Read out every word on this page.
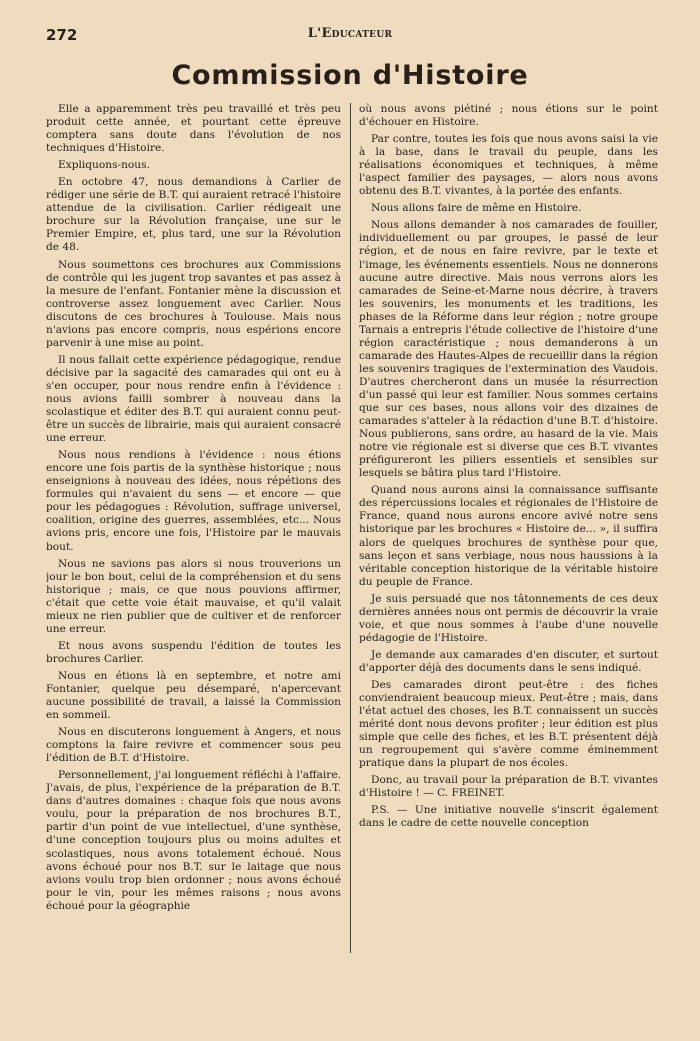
272	L'Educateur
Commission d'Histoire

Elle a apparemment très peu travaillé et très peu produit cette année, et pourtant cette épreuve comptera sans doute dans l'évolution de nos techniques d'Histoire.

Expliquons-nous.

En octobre 47, nous demandions à Carlier de rédiger une série de B.T. qui auraient retracé l'histoire attendue de la civilisation. Carlier rédigeait une brochure sur la Révolution française, une sur le Premier Empire, et, plus tard, une sur la Révolution de 48.

Nous soumettons ces brochures aux Commissions de contrôle qui les jugent trop savantes et pas assez à la mesure de l'enfant. Fontanier mène la discussion et controverse assez longuement avec Carlier. Nous discutons de ces brochures à Toulouse. Mais nous n'avions pas encore compris, nous espérions encore parvenir à une mise au point.

Il nous fallait cette expérience pédagogique, rendue décisive par la sagacité des camarades qui ont eu à s'en occuper, pour nous rendre enfin à l'évidence : nous avions failli sombrer à nouveau dans la scolastique et éditer des B.T. qui auraient connu peut-être un succès de librairie, mais qui auraient consacré une erreur.

Nous nous rendions à l'évidence : nous étions encore une fois partis de la synthèse historique ; nous enseignions à nouveau des idées, nous répétions des formules qui n'avaient du sens — et encore — que pour les pédagogues : Révolution, suffrage universel, coalition, origine des guerres, assemblées, etc... Nous avions pris, encore une fois, l'Histoire par le mauvais bout.

Nous ne savions pas alors si nous trouverions un jour le bon bout, celui de la compréhension et du sens historique ; mais, ce que nous pouvions affirmer, c'était que cette voie était mauvaise, et qu'il valait mieux ne rien publier que de cultiver et de renforcer une erreur.

Et nous avons suspendu l'édition de toutes les brochures Carlier.

Nous en étions là en septembre, et notre ami Fontanier, quelque peu désemparé, n'apercevant aucune possibilité de travail, a laissé la Commission en sommeil.

Nous en discuterons longuement à Angers, et nous comptons la faire revivre et commencer sous peu l'édition de B.T. d'Histoire.

Personnellement, j'ai longuement réfléchi à l'affaire. J'avais, de plus, l'expérience de la préparation de B.T. dans d'autres domaines : chaque fois que nous avons voulu, pour la préparation de nos brochures B.T., partir d'un point de vue intellectuel, d'une synthèse, d'une conception toujours plus ou moins adultes et scolastiques, nous avons totalement échoué. Nous avons échoué pour nos B.T. sur le laitage que nous avions voulu trop bien ordonner ; nous avons échoué pour le vin, pour les mêmes raisons ; nous avons échoué pour la géographie

où nous avons piétiné ; nous étions sur le point d'échouer en Histoire.

Par contre, toutes les fois que nous avons saisi la vie à la base, dans le travail du peuple, dans les réalisations économiques et techniques, à même l'aspect familier des paysages, — alors nous avons obtenu des B.T. vivantes, à la portée des enfants.

Nous allons faire de même en Histoire.

Nous allons demander à nos camarades de fouiller, individuellement ou par groupes, le passé de leur région, et de nous en faire revivre, par le texte et l'image, les événements essentiels. Nous ne donnerons aucune autre directive. Mais nous verrons alors les camarades de Seine-et-Marne nous décrire, à travers les souvenirs, les monuments et les traditions, les phases de la Réforme dans leur région ; notre groupe Tarnais a entrepris l'étude collective de l'histoire d'une région caractéristique ; nous demanderons à un camarade des Hautes-Alpes de recueillir dans la région les souvenirs tragiques de l'extermination des Vaudois. D'autres chercheront dans un musée la résurrection d'un passé qui leur est familier. Nous sommes certains que sur ces bases, nous allons voir des dizaines de camarades s'atteler à la rédaction d'une B.T. d'histoire. Nous publierons, sans ordre, au hasard de la vie. Mais notre vie régionale est si diverse que ces B.T. vivantes préfigureront les piliers essentiels et sensibles sur lesquels se bâtira plus tard l'Histoire.

Quand nous aurons ainsi la connaissance suffisante des répercussions locales et régionales de l'Histoire de France, quand nous aurons encore avivé notre sens historique par les brochures « Histoire de... », il suffira alors de quelques brochures de synthèse pour que, sans leçon et sans verbiage, nous nous haussions à la véritable conception historique de la véritable histoire du peuple de France.

Je suis persuadé que nos tâtonnements de ces deux dernières années nous ont permis de découvrir la vraie voie, et que nous sommes à l'aube d'une nouvelle pédagogie de l'Histoire.

Je demande aux camarades d'en discuter, et surtout d'apporter déjà des documents dans le sens indiqué.

Des camarades diront peut-être : des fiches conviendraient beaucoup mieux. Peut-être ; mais, dans l'état actuel des choses, les B.T. connaissent un succès mérité dont nous devons profiter ; leur édition est plus simple que celle des fiches, et les B.T. présentent déjà un regroupement qui s'avère comme éminemment pratique dans la plupart de nos écoles.

Donc, au travail pour la préparation de B.T. vivantes d'Histoire ! — C. FREINET.

P.S. — Une initiative nouvelle s'inscrit également dans le cadre de cette nouvelle conception
